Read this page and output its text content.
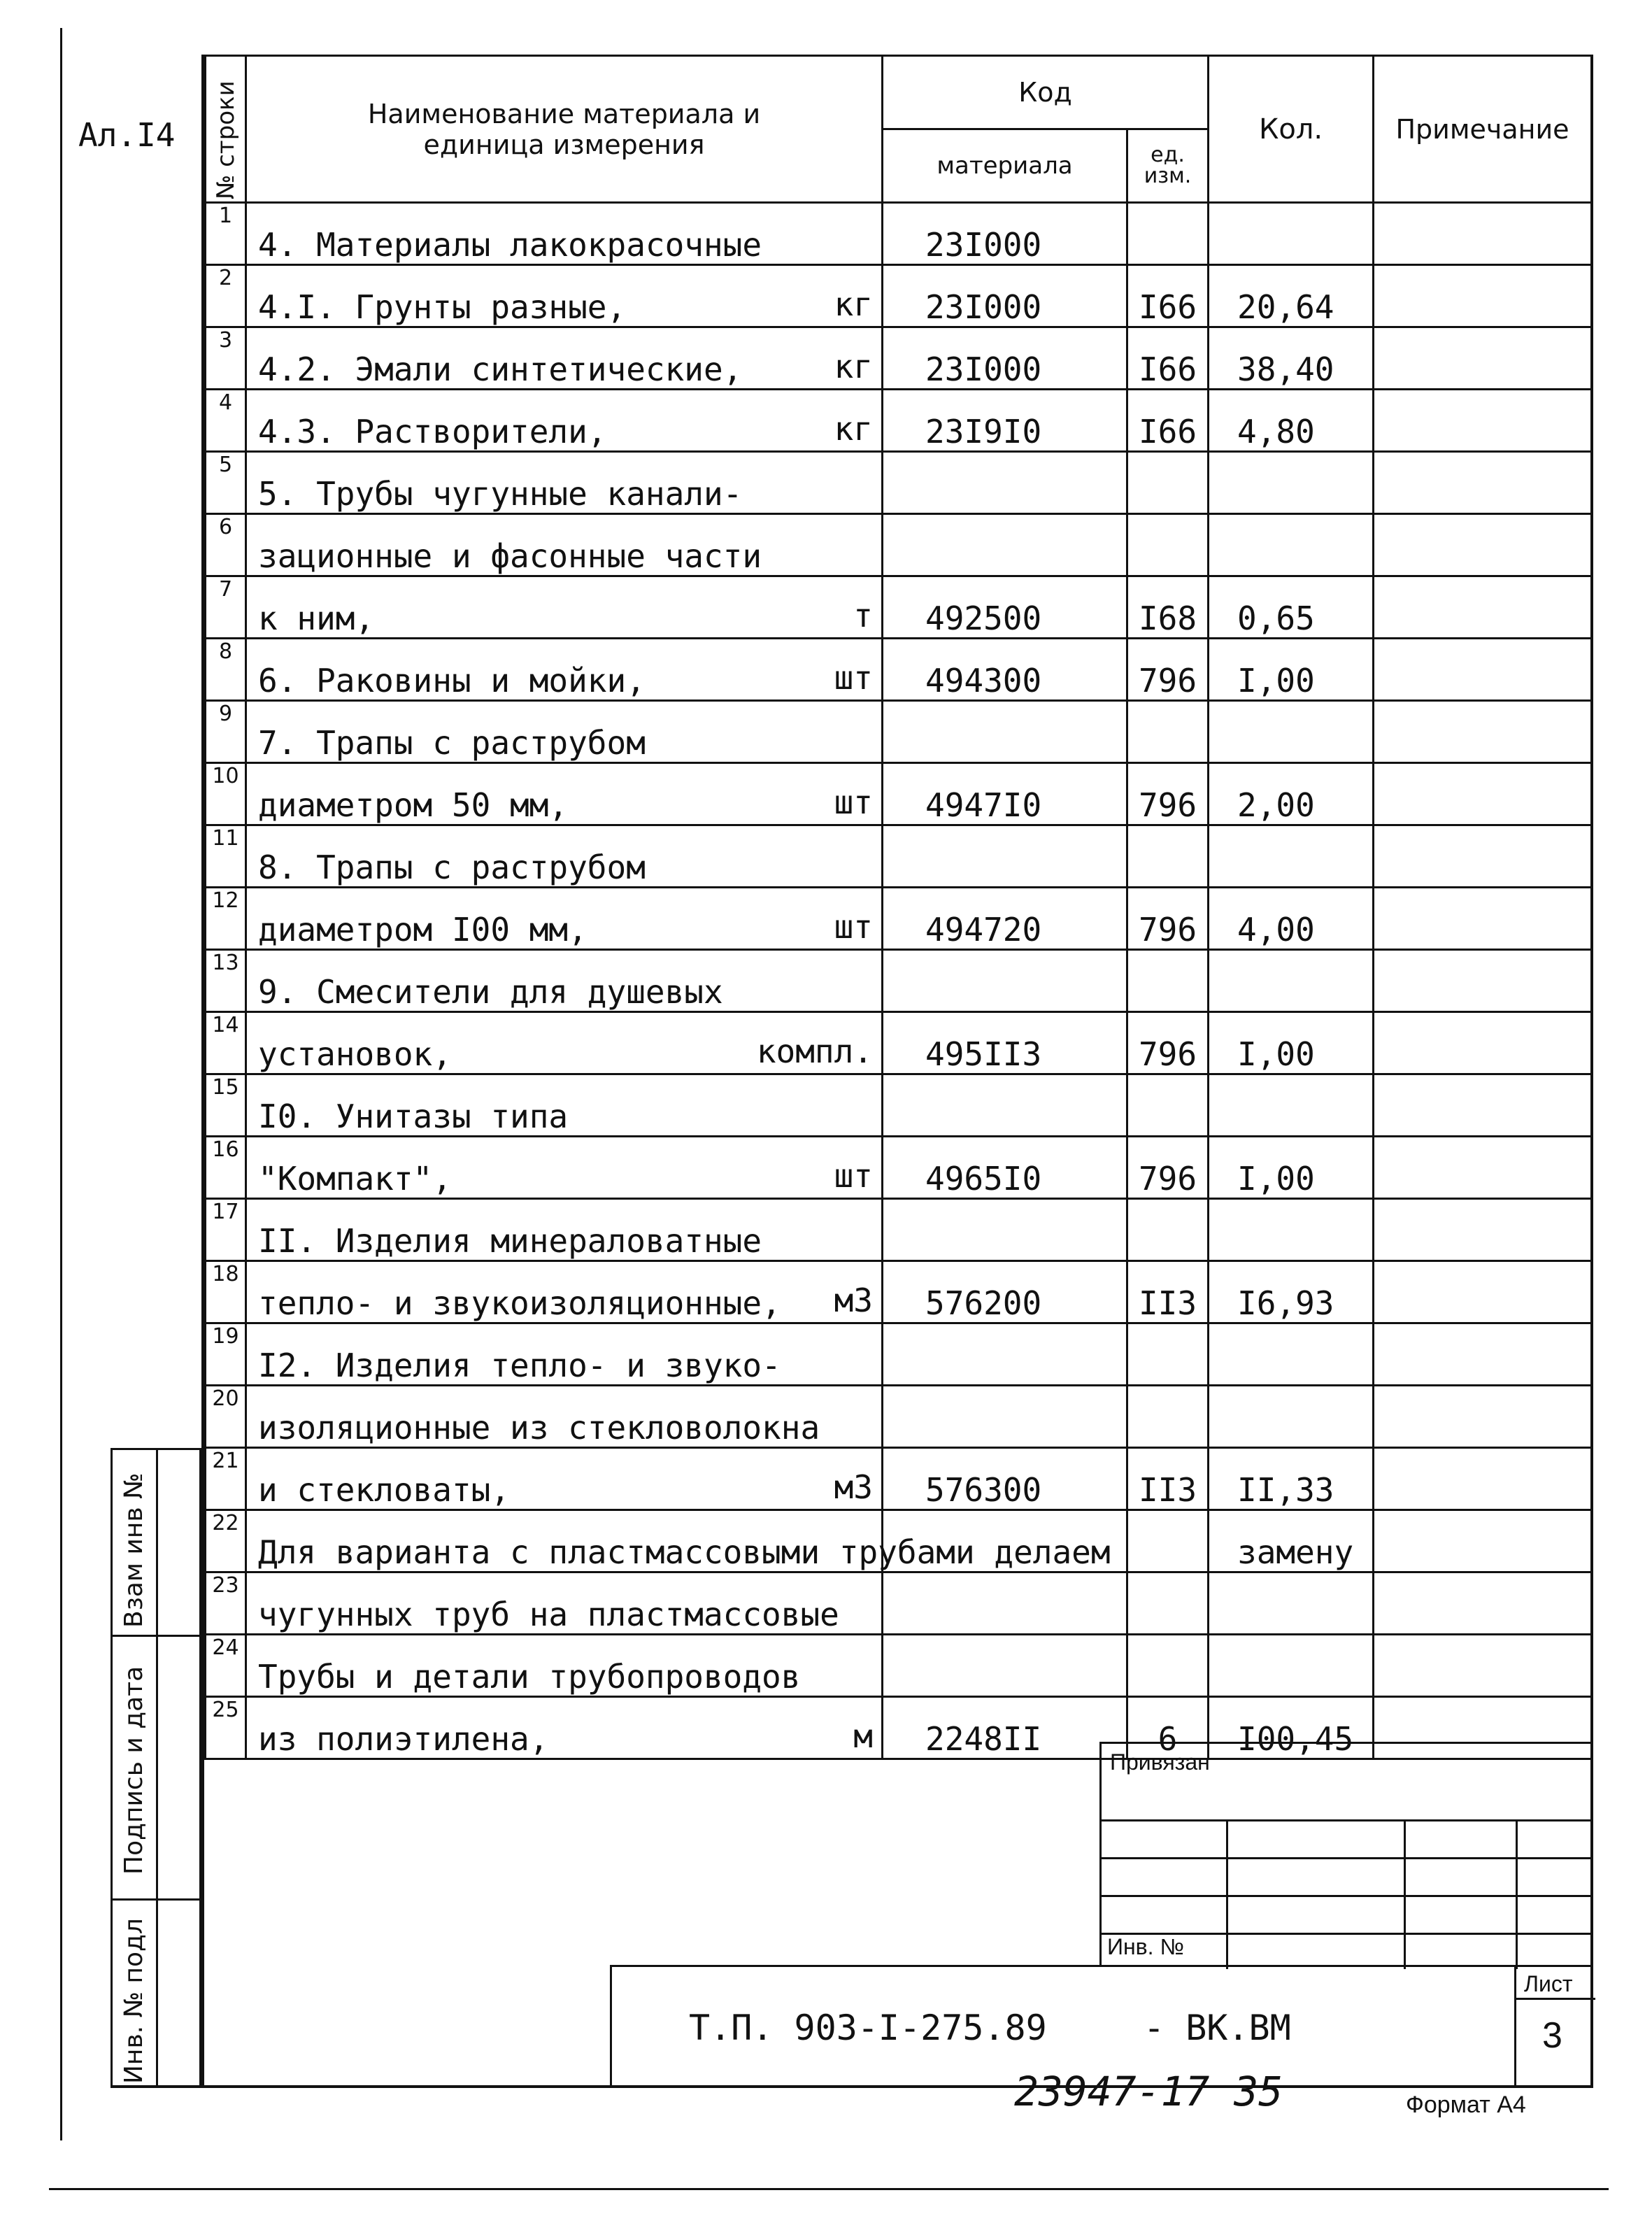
Ал.I4 № строки	Наименование материала и единица измерения	Код		Кол.	Примечание
		материала	ед. изм.		
1	4. Материалы лакокрасочные	23I000			
2	4.I. Грунты разные, кг	23I000	I66	20,64	
3	4.2. Эмали синтетические, кг	23I000	I66	38,40	
4	4.3. Растворители, кг	23I9I0	I66	4,80	
5	5. Трубы чугунные канали-

6	зационные и фасонные части

7	к ним, т	492500	I68	0,65	
8	6. Раковины и мойки, шт	494300	796	I,00	
9	7. Трапы с раструбом

10	диаметром 50 мм, шт	4947I0	796	2,00	
11	8. Трапы с раструбом

12	диаметром I00 мм, шт	494720	796	4,00	
13	9. Смесители для душевых

14	установок, компл.	495II3	796	I,00	
15	I0. Унитазы типа

16	"Компакт", шт	4965I0	796	I,00	
17	II. Изделия минераловатные

18	тепло- и звукоизоляционные, м3	576200	II3	I6,93	
19	I2. Изделия тепло- и звуко-

20	изоляционные из стекловолокна

21	и стекловаты, м3	576300	II3	II,33	
22	Для варианта с пластмассовыми трубами делаем			замену	
23	чугунных труб на пластмассовые

24	Трубы и детали трубопроводов

25	из полиэтилена, м	2248II	6	I00,45	
Взам инв №
Подпись и дата
Инв. № подл
Привязан
Инв. №
Т.П. 903-I-275.89	- ВК.ВМ
Лист
3
23947-17 35	Формат А4
